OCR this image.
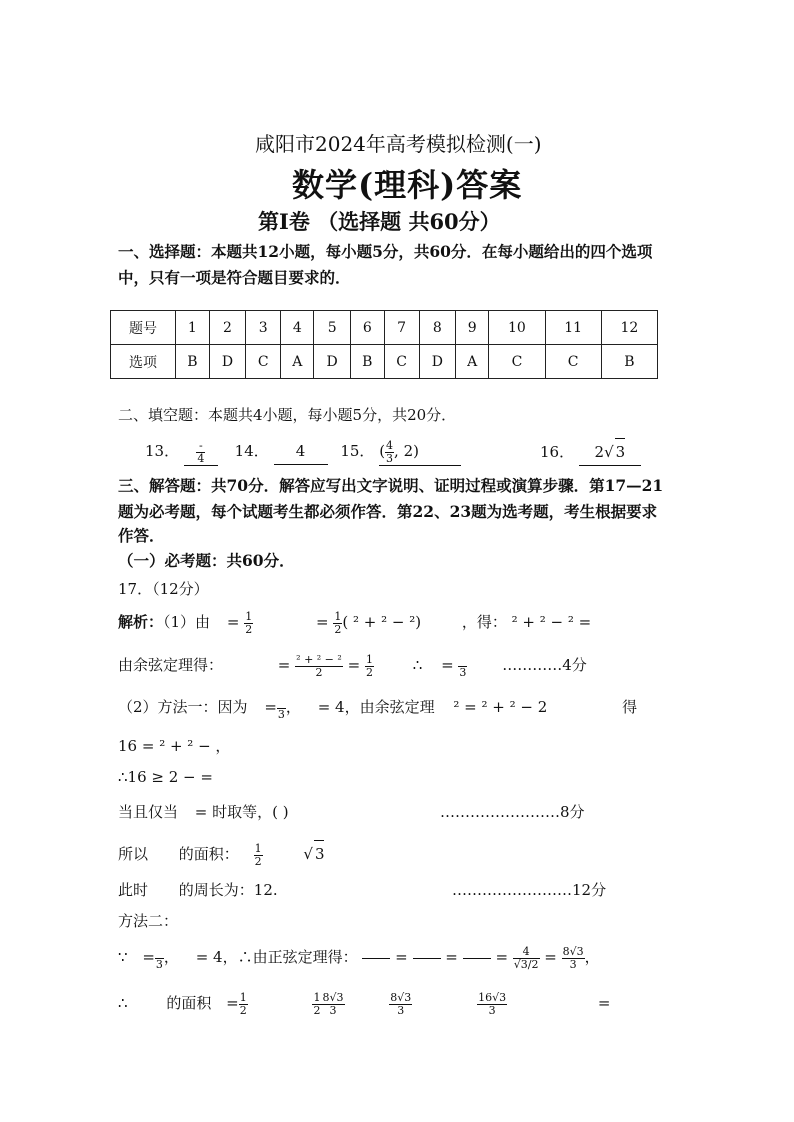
咸阳市2024年高考模拟检测(一)
数学(理科)答案
第Ⅰ卷 （选择题 共60分）
一、选择题：本题共12小题，每小题5分，共60分．在每小题给出的四个选项
中，只有一项是符合题目要求的．
题号	1	2	3	4	5	6	7	8	9	10	11	12
选项	B	D	C	A	D	B	C	D	A	C	C	B
二、填空题：本题共4小题，每小题5分，共20分．
13． $\frac{-}{4} 14$． 4 15． ( $\frac{4}{3}$ , 2)	16． 2√ 3
三、解答题：共70分．解答应写出文字说明、证明过程或演算步骤．第17—21
题为必考题，每个试题考生都必须作答．第22、23题为选考题，考生根据要求
作答．
（一）必考题：共60分．
17．（12分）
解析：（1）由 = $\frac{1}{2}$	= $\frac{1}{2}$ ( ² + ² − ²)	，得： ² + ² − ² =
由余弦定理得：	= $\frac{\text{² + ² − ²}}{2} = \frac{1}{2}$	∴ =
3 …………4分
（2）方法一：因为 =
3 ， = 4，由余弦定理 ² = ² + ² − 2	得
16 = ² + ² − ，
∴16 ≥ 2 − =
当且仅当 = 时取等，( )	……………………8分
所以 的面积： $\frac{1}{2}$	√ 3
此时 的周长为：12.	……………………12分
方法二：
∵ =
3 ， = 4，∴由正弦定理得：	=	=	= $\frac{4}{√3/2} = \frac{8√3}{3}$ ，
∴	的面积 = $\frac{1}{2}$
	$\frac{1}{2} \frac{8√3}{3}$
	$\frac{8√3}{3}$
	$\frac{16√3}{3}$	=
